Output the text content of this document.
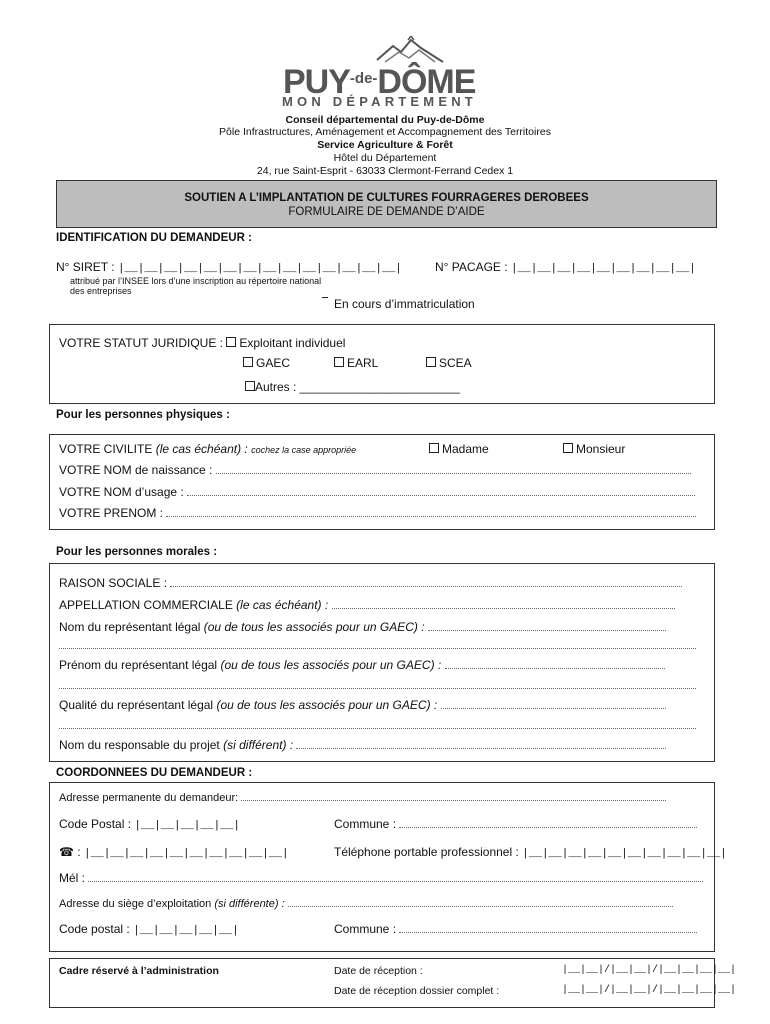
$PUY^{-de-}DÔME$
MON DÉPARTEMENT
Conseil départemental du Puy-de-Dôme
Pôle Infrastructures, Aménagement et Accompagnement des Territoires
Service Agriculture & Forêt
Hôtel du Département
24, rue Saint-Esprit - 63033 Clermont-Ferrand Cedex 1
SOUTIEN A L’IMPLANTATION DE CULTURES FOURRAGERES DEROBEES
FORMULAIRE DE DEMANDE D’AIDE
IDENTIFICATION DU DEMANDEUR :
N° SIRET : |__|__|__|__|__|__|__|__|__|__|__|__|__|__|	N° PACAGE : |__|__|__|__|__|__|__|__|__|
attribué par l’INSEE lors d’une inscription au répertoire national
des entreprises
En cours d’immatriculation
VOTRE STATUT JURIDIQUE : Exploitant individuel
GAEC	EARL	SCEA
Autres : ________________________
Pour les personnes physiques :
VOTRE CIVILITE (le cas échéant) : cochez la case appropriée	Madame	Monsieur
VOTRE NOM de naissance :
VOTRE NOM d’usage :
VOTRE PRENOM :
Pour les personnes morales :
RAISON SOCIALE :
APPELLATION COMMERCIALE (le cas échéant) :
Nom du représentant légal (ou de tous les associés pour un GAEC) :
Prénom du représentant légal (ou de tous les associés pour un GAEC) :
Qualité du représentant légal (ou de tous les associés pour un GAEC) :
Nom du responsable du projet (si différent) :
COORDONNEES DU DEMANDEUR :
Adresse permanente du demandeur:
Code Postal : |__|__|__|__|__|	Commune :
☎ : |__|__|__|__|__|__|__|__|__|__|	Téléphone portable professionnel : |__|__|__|__|__|__|__|__|__|__|
Mél :
Adresse du siège d’exploitation (si différente) :
Code postal : |__|__|__|__|__|	Commune :
Cadre réservé à l’administration	Date de réception :	|__|__|/|__|__|/|__|__|__|__|
Date de réception dossier complet :	|__|__|/|__|__|/|__|__|__|__|
